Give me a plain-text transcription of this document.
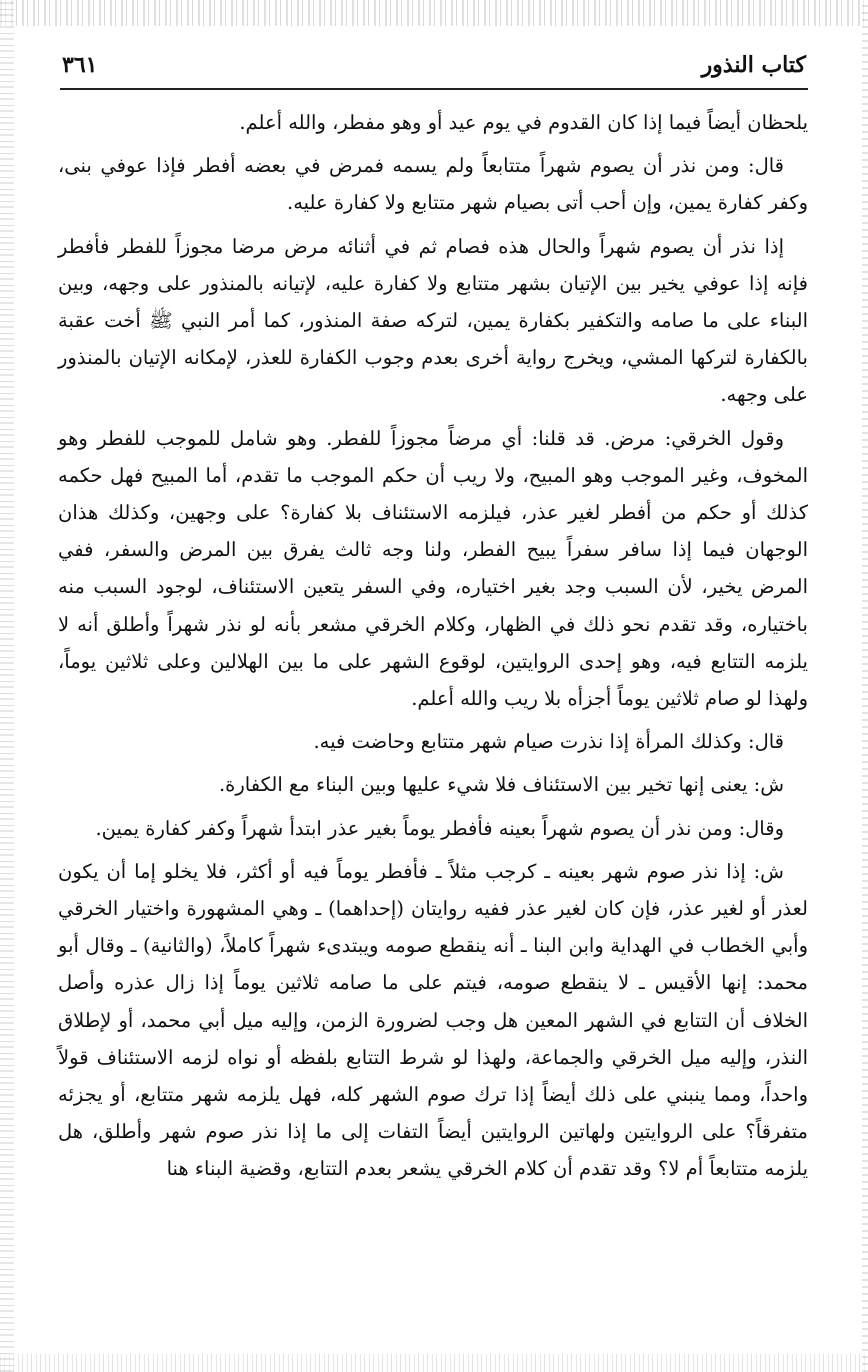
كتاب النذور
٣٦١

يلحظان أيضاً فيما إذا كان القدوم في يوم عيد أو وهو مفطر، والله أعلم.

قال: ومن نذر أن يصوم شهراً متتابعاً ولم يسمه فمرض في بعضه أفطر فإذا عوفي بنى، وكفر كفارة يمين، وإن أحب أتى بصيام شهر متتابع ولا كفارة عليه.

إذا نذر أن يصوم شهراً والحال هذه فصام ثم في أثنائه مرض مرضا مجوزاً للفطر فأفطر فإنه إذا عوفي يخير بين الإتيان بشهر متتابع ولا كفارة عليه، لإتيانه بالمنذور على وجهه، وبين البناء على ما صامه والتكفير بكفارة يمين، لتركه صفة المنذور، كما أمر النبي ﷺ أخت عقبة بالكفارة لتركها المشي، ويخرج رواية أخرى بعدم وجوب الكفارة للعذر، لإمكانه الإتيان بالمنذور على وجهه.

وقول الخرقي: مرض. قد قلنا: أي مرضاً مجوزاً للفطر. وهو شامل للموجب للفطر وهو المخوف، وغير الموجب وهو المبيح، ولا ريب أن حكم الموجب ما تقدم، أما المبيح فهل حكمه كذلك أو حكم من أفطر لغير عذر، فيلزمه الاستئناف بلا كفارة؟ على وجهين، وكذلك هذان الوجهان فيما إذا سافر سفراً يبيح الفطر، ولنا وجه ثالث يفرق بين المرض والسفر، ففي المرض يخير، لأن السبب وجد بغير اختياره، وفي السفر يتعين الاستئناف، لوجود السبب منه باختياره، وقد تقدم نحو ذلك في الظهار، وكلام الخرقي مشعر بأنه لو نذر شهراً وأطلق أنه لا يلزمه التتابع فيه، وهو إحدى الروايتين، لوقوع الشهر على ما بين الهلالين وعلى ثلاثين يوماً، ولهذا لو صام ثلاثين يوماً أجزأه بلا ريب والله أعلم.

قال: وكذلك المرأة إذا نذرت صيام شهر متتابع وحاضت فيه.

ش: يعنى إنها تخير بين الاستئناف فلا شيء عليها وبين البناء مع الكفارة.

وقال: ومن نذر أن يصوم شهراً بعينه فأفطر يوماً بغير عذر ابتدأ شهراً وكفر كفارة يمين.

ش: إذا نذر صوم شهر بعينه ـ كرجب مثلاً ـ فأفطر يوماً فيه أو أكثر، فلا يخلو إما أن يكون لعذر أو لغير عذر، فإن كان لغير عذر ففيه روايتان (إحداهما) ـ وهي المشهورة واختيار الخرقي وأبي الخطاب في الهداية وابن البنا ـ أنه ينقطع صومه ويبتدىء شهراً كاملاً، (والثانية) ـ وقال أبو محمد: إنها الأقيس ـ لا ينقطع صومه، فيتم على ما صامه ثلاثين يوماً إذا زال عذره وأصل الخلاف أن التتابع في الشهر المعين هل وجب لضرورة الزمن، وإليه ميل أبي محمد، أو لإطلاق النذر، وإليه ميل الخرقي والجماعة، ولهذا لو شرط التتابع بلفظه أو نواه لزمه الاستئناف قولاً واحداً، ومما ينبني على ذلك أيضاً إذا ترك صوم الشهر كله، فهل يلزمه شهر متتابع، أو يجزئه متفرقاً؟ على الروايتين ولهاتين الروايتين أيضاً التفات إلى ما إذا نذر صوم شهر وأطلق، هل يلزمه متتابعاً أم لا؟ وقد تقدم أن كلام الخرقي يشعر بعدم التتابع، وقضية البناء هنا
